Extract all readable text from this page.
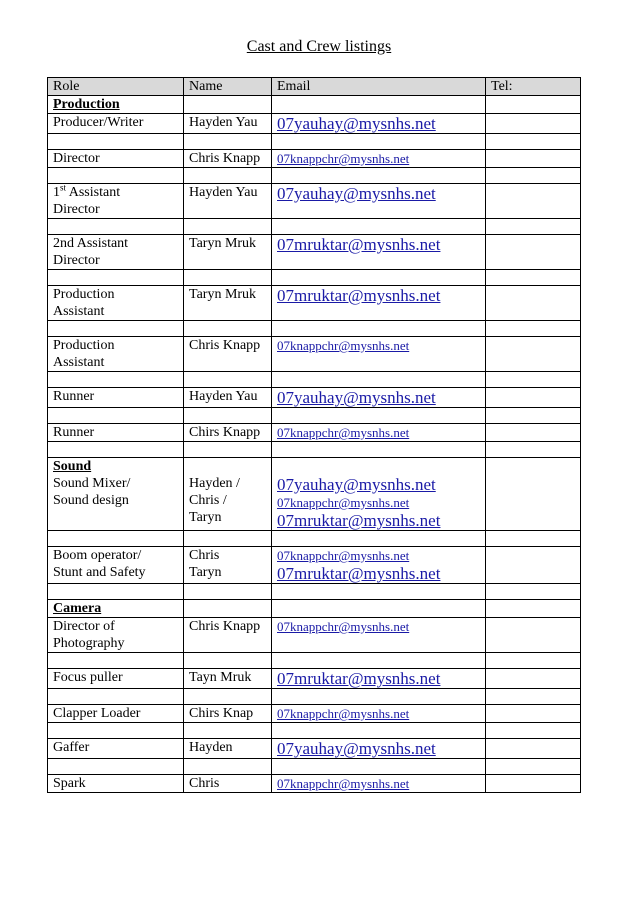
Cast and Crew listings
Role	Name	Email	Tel:
Production			
Producer/Writer	Hayden Yau	07yauhay@mysnhs.net	

Director	Chris Knapp	07knappchr@mysnhs.net	

1st Assistant
Director	Hayden Yau	07yauhay@mysnhs.net	

2nd Assistant
Director	Taryn Mruk	07mruktar@mysnhs.net	

Production
Assistant	Taryn Mruk	07mruktar@mysnhs.net	

Production
Assistant	Chris Knapp	07knappchr@mysnhs.net	

Runner	Hayden Yau	07yauhay@mysnhs.net	

Runner	Chirs Knapp	07knappchr@mysnhs.net	

Sound
Sound Mixer/
Sound design	Hayden /
Chris /
Taryn	07yauhay@mysnhs.net
07knappchr@mysnhs.net
07mruktar@mysnhs.net	

Boom operator/
Stunt and Safety	Chris
Taryn	07knappchr@mysnhs.net
07mruktar@mysnhs.net	

Camera			
Director of
Photography	Chris Knapp	07knappchr@mysnhs.net	

Focus puller	Tayn Mruk	07mruktar@mysnhs.net	

Clapper Loader	Chirs Knap	07knappchr@mysnhs.net	

Gaffer	Hayden	07yauhay@mysnhs.net	

Spark	Chris	07knappchr@mysnhs.net	
